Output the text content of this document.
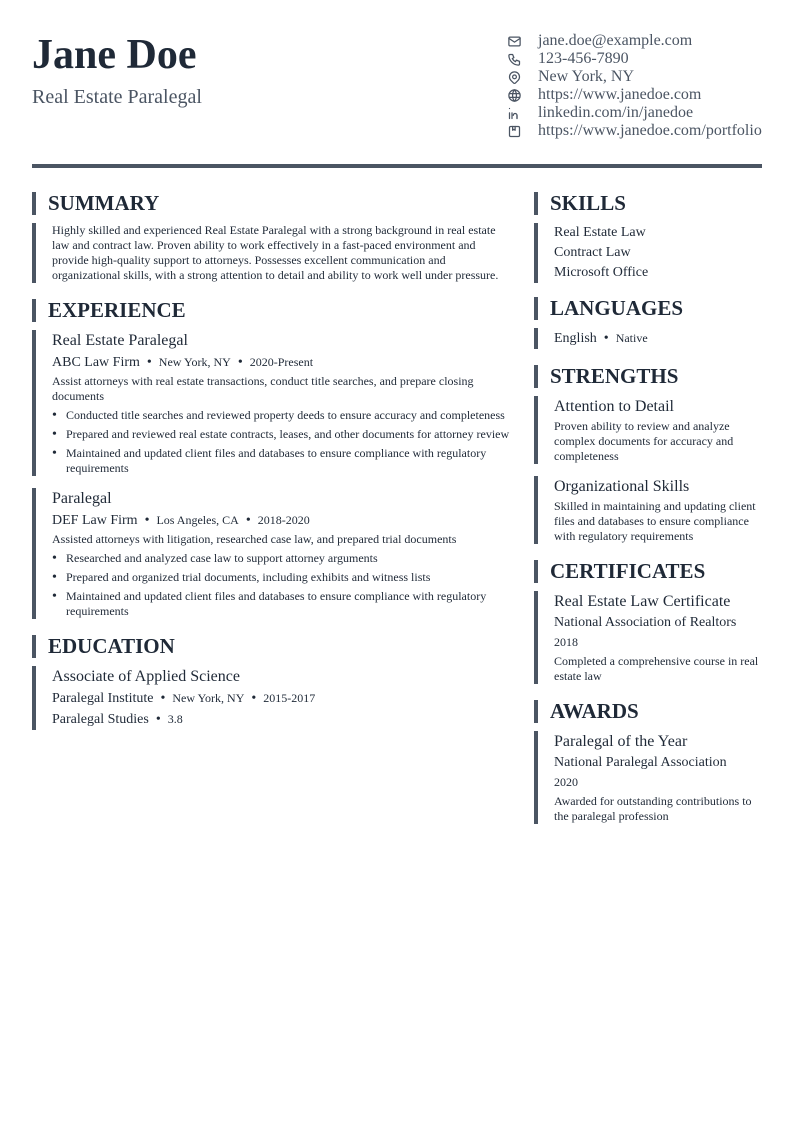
Jane Doe
Real Estate Paralegal
jane.doe@example.com
123-456-7890
New York, NY
https://www.janedoe.com
linkedin.com/in/janedoe
https://www.janedoe.com/portfolio
SUMMARY
Highly skilled and experienced Real Estate Paralegal with a strong background in real estate law and contract law. Proven ability to work effectively in a fast-paced environment and provide high-quality support to attorneys. Possesses excellent communication and organizational skills, with a strong attention to detail and ability to work well under pressure.
EXPERIENCE
Real Estate Paralegal
ABC Law Firm • New York, NY • 2020-Present
Assist attorneys with real estate transactions, conduct title searches, and prepare closing documents
• Conducted title searches and reviewed property deeds to ensure accuracy and completeness
• Prepared and reviewed real estate contracts, leases, and other documents for attorney review
• Maintained and updated client files and databases to ensure compliance with regulatory requirements
Paralegal
DEF Law Firm • Los Angeles, CA • 2018-2020
Assisted attorneys with litigation, researched case law, and prepared trial documents
• Researched and analyzed case law to support attorney arguments
• Prepared and organized trial documents, including exhibits and witness lists
• Maintained and updated client files and databases to ensure compliance with regulatory requirements
EDUCATION
Associate of Applied Science
Paralegal Institute • New York, NY • 2015-2017
Paralegal Studies • 3.8
SKILLS
Real Estate Law
Contract Law
Microsoft Office
LANGUAGES
English • Native
STRENGTHS
Attention to Detail
Proven ability to review and analyze complex documents for accuracy and completeness
Organizational Skills
Skilled in maintaining and updating client files and databases to ensure compliance with regulatory requirements
CERTIFICATES
Real Estate Law Certificate
National Association of Realtors
2018
Completed a comprehensive course in real estate law
AWARDS
Paralegal of the Year
National Paralegal Association
2020
Awarded for outstanding contributions to the paralegal profession
